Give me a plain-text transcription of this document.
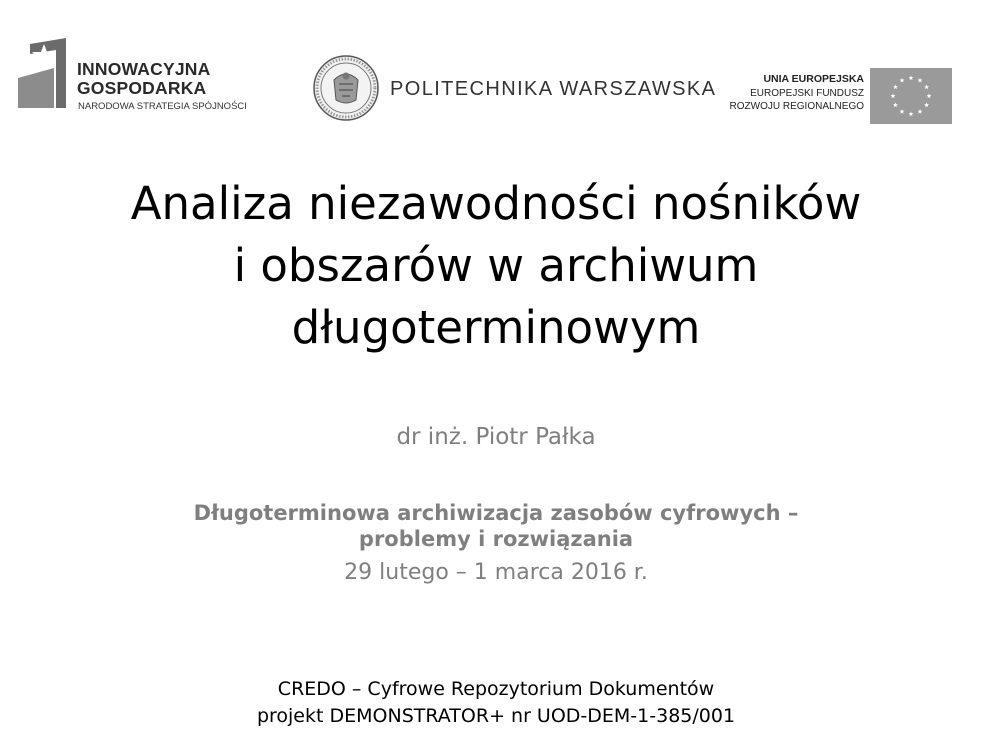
INNOWACYJNA
GOSPODARKA
NARODOWA STRATEGIA SPÓJNOŚCI
POLITECHNIKA WARSZAWSKA	UNIA EUROPEJSKA
EUROPEJSKI FUNDUSZ
ROZWOJU REGIONALNEGO
Analiza niezawodności nośników
i obszarów w archiwum
długoterminowym
dr inż. Piotr Pałka
Długoterminowa archiwizacja zasobów cyfrowych –
problemy i rozwiązania
29 lutego – 1 marca 2016 r.
CREDO – Cyfrowe Repozytorium Dokumentów
projekt DEMONSTRATOR+ nr UOD-DEM-1-385/001
